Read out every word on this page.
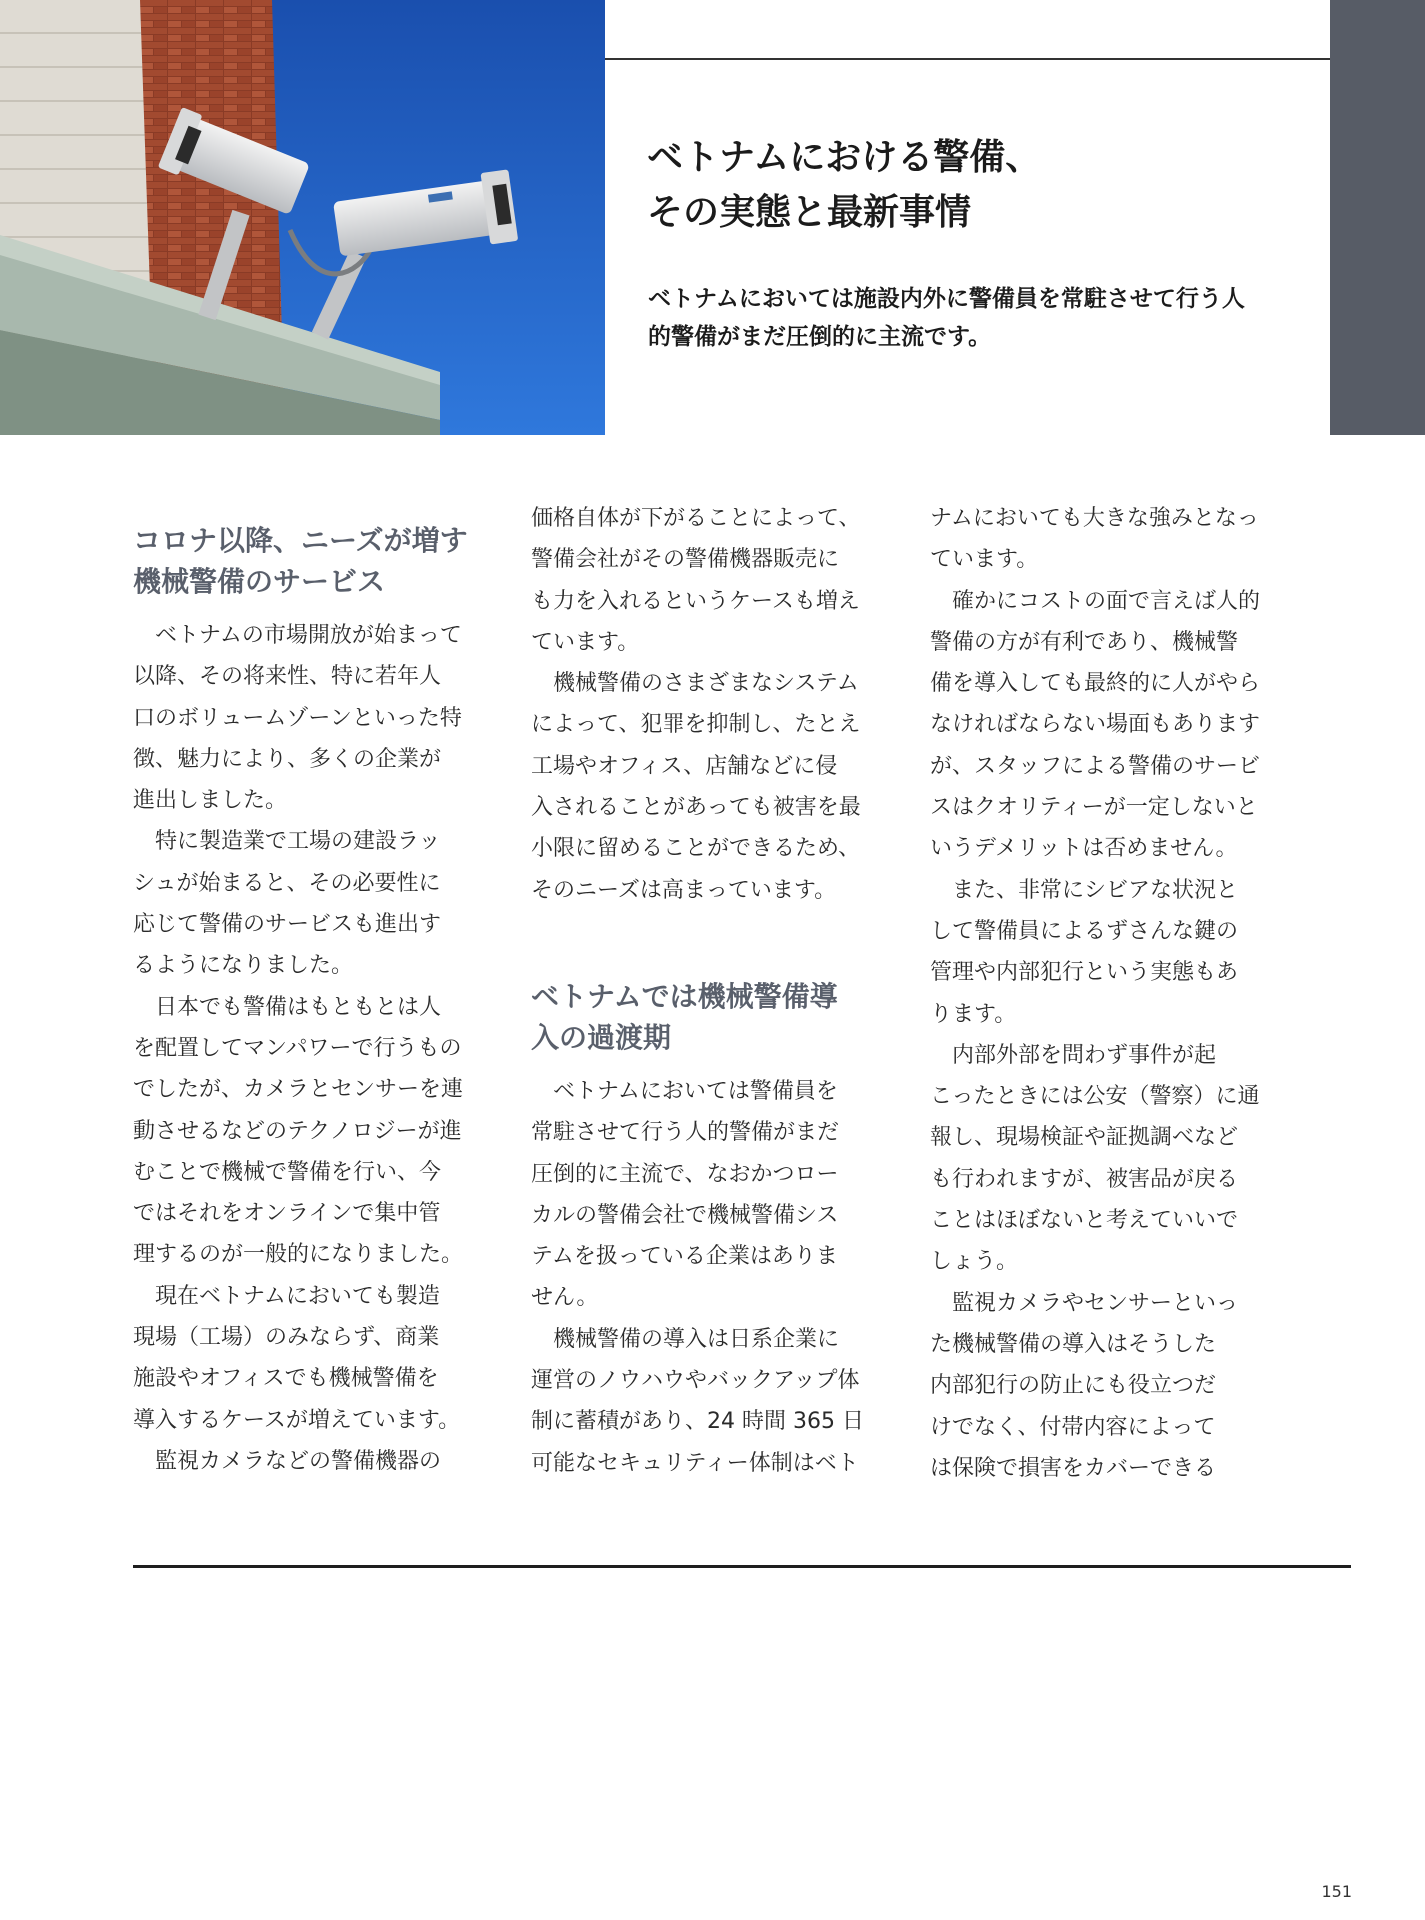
ベトナムにおける警備、
その実態と最新事情

ベトナムにおいては施設内外に警備員を常駐させて行う人
的警備がまだ圧倒的に主流です。

コロナ以降、ニーズが増す
機械警備のサービス
ベトナムの市場開放が始まって
以降、その将来性、特に若年人
口のボリュームゾーンといった特
徴、魅力により、多くの企業が
進出しました。
特に製造業で工場の建設ラッ
シュが始まると、その必要性に
応じて警備のサービスも進出す
るようになりました。
日本でも警備はもともとは人
を配置してマンパワーで行うもの
でしたが、カメラとセンサーを連
動させるなどのテクノロジーが進
むことで機械で警備を行い、今
ではそれをオンラインで集中管
理するのが一般的になりました。
現在ベトナムにおいても製造
現場（工場）のみならず、商業
施設やオフィスでも機械警備を
導入するケースが増えています。
監視カメラなどの警備機器の
価格自体が下がることによって、
警備会社がその警備機器販売に
も力を入れるというケースも増え
ています。
機械警備のさまざまなシステム
によって、犯罪を抑制し、たとえ
工場やオフィス、店舗などに侵
入されることがあっても被害を最
小限に留めることができるため、
そのニーズは高まっています。
ベトナムでは機械警備導
入の過渡期
ベトナムにおいては警備員を
常駐させて行う人的警備がまだ
圧倒的に主流で、なおかつロー
カルの警備会社で機械警備シス
テムを扱っている企業はありま
せん。
機械警備の導入は日系企業に
運営のノウハウやバックアップ体
制に蓄積があり、24 時間 365 日
可能なセキュリティー体制はベト
ナムにおいても大きな強みとなっ
ています。
確かにコストの面で言えば人的
警備の方が有利であり、機械警
備を導入しても最終的に人がやら
なければならない場面もあります
が、スタッフによる警備のサービ
スはクオリティーが一定しないと
いうデメリットは否めません。
また、非常にシビアな状況と
して警備員によるずさんな鍵の
管理や内部犯行という実態もあ
ります。
内部外部を問わず事件が起
こったときには公安（警察）に通
報し、現場検証や証拠調べなど
も行われますが、被害品が戻る
ことはほぼないと考えていいで
しょう。
監視カメラやセンサーといっ
た機械警備の導入はそうした
内部犯行の防止にも役立つだ
けでなく、付帯内容によって
は保険で損害をカバーできる
151
